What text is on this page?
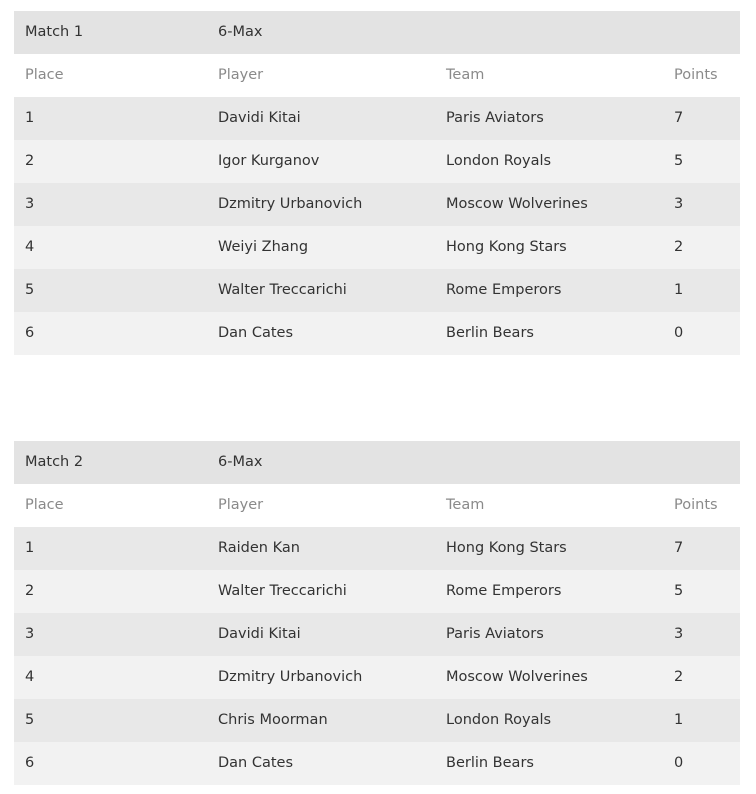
Match 1	6-Max
Place	Player	Team	Points
1	Davidi Kitai	Paris Aviators	7
2	Igor Kurganov	London Royals	5
3	Dzmitry Urbanovich	Moscow Wolverines	3
4	Weiyi Zhang	Hong Kong Stars	2
5	Walter Treccarichi	Rome Emperors	1
6	Dan Cates	Berlin Bears	0
Match 2	6-Max
Place	Player	Team	Points
1	Raiden Kan	Hong Kong Stars	7
2	Walter Treccarichi	Rome Emperors	5
3	Davidi Kitai	Paris Aviators	3
4	Dzmitry Urbanovich	Moscow Wolverines	2
5	Chris Moorman	London Royals	1
6	Dan Cates	Berlin Bears	0
